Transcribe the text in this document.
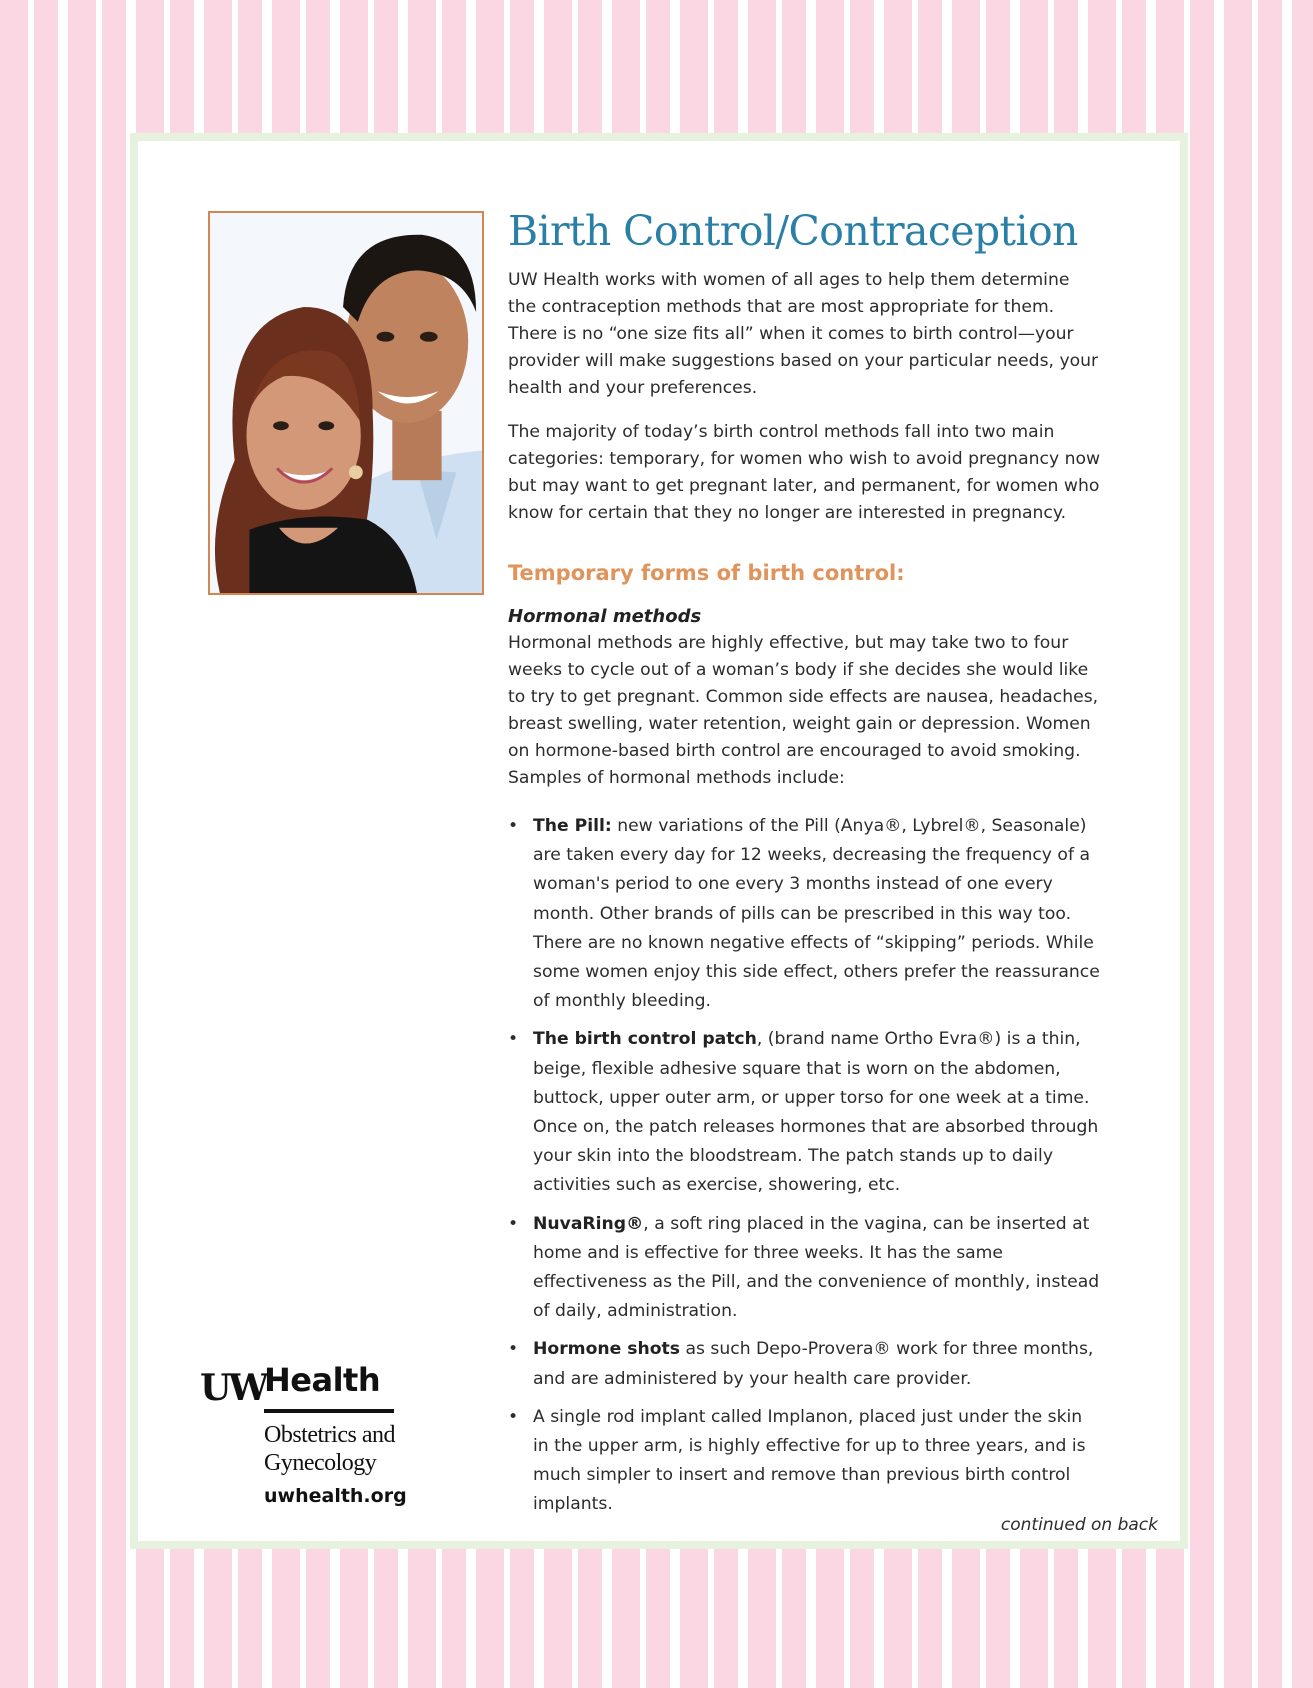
Birth Control/Contraception

UW Health works with women of all ages to help them determine the contraception methods that are most appropriate for them. There is no “one size fits all” when it comes to birth control—your provider will make suggestions based on your particular needs, your health and your preferences.

The majority of today’s birth control methods fall into two main categories: temporary, for women who wish to avoid pregnancy now but may want to get pregnant later, and permanent, for women who know for certain that they no longer are interested in pregnancy.

Temporary forms of birth control:
Hormonal methods

Hormonal methods are highly effective, but may take two to four weeks to cycle out of a woman’s body if she decides she would like to try to get pregnant. Common side effects are nausea, headaches, breast swelling, water retention, weight gain or depression. Women on hormone-based birth control are encouraged to avoid smoking. Samples of hormonal methods include:

• The Pill: new variations of the Pill (Anya®, Lybrel®, Seasonale) are taken every day for 12 weeks, decreasing the frequency of a woman's period to one every 3 months instead of one every month. Other brands of pills can be prescribed in this way too. There are no known negative effects of “skipping” periods. While some women enjoy this side effect, others prefer the reassurance of monthly bleeding.
• The birth control patch, (brand name Ortho Evra®) is a thin, beige, flexible adhesive square that is worn on the abdomen, buttock, upper outer arm, or upper torso for one week at a time. Once on, the patch releases hormones that are absorbed through your skin into the bloodstream. The patch stands up to daily activities such as exercise, showering, etc.
• NuvaRing®, a soft ring placed in the vagina, can be inserted at home and is effective for three weeks. It has the same effectiveness as the Pill, and the convenience of monthly, instead of daily, administration.
• Hormone shots as such Depo-Provera® work for three months, and are administered by your health care provider.
• A single rod implant called Implanon, placed just under the skin in the upper arm, is highly effective for up to three years, and is much simpler to insert and remove than previous birth control implants.
UW
Health
Obstetrics and
Gynecology
uwhealth.org
continued on back
